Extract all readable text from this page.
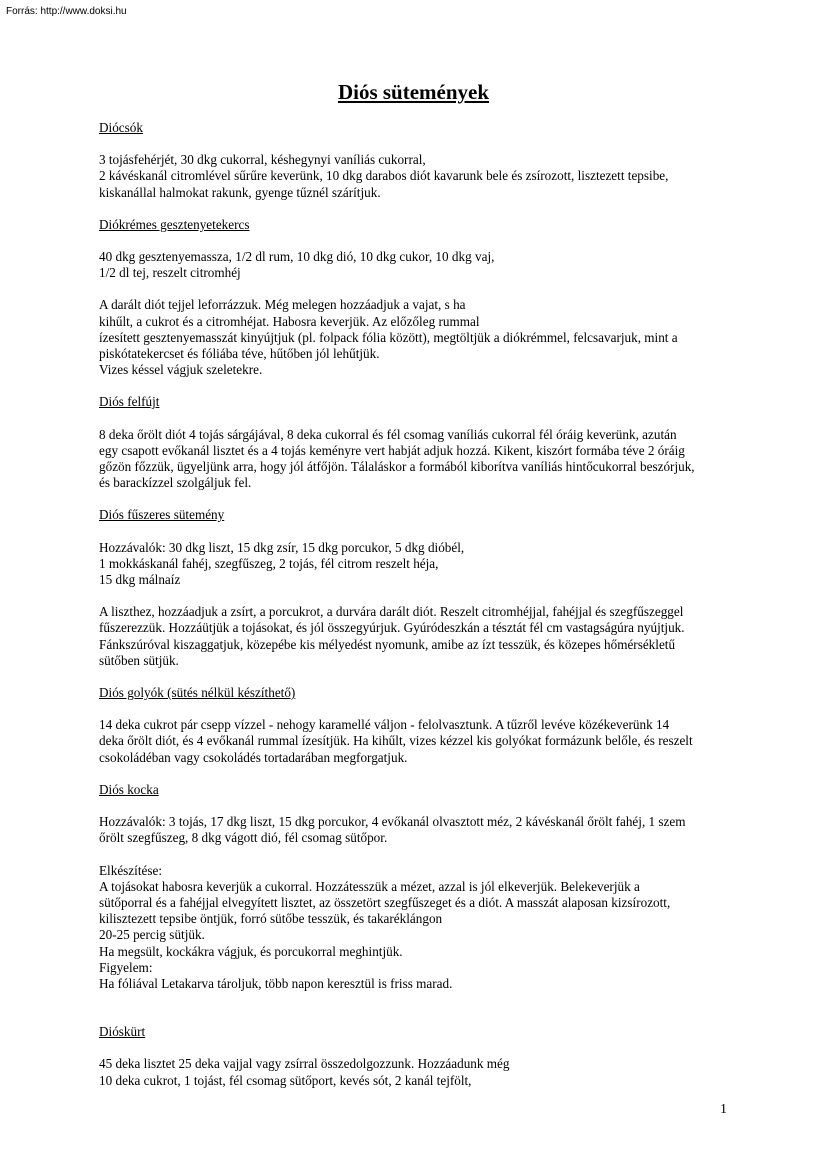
Forrás: http://www.doksi.hu
Diós sütemények

Diócsók

3 tojásfehérjét, 30 dkg cukorral, késhegynyi vaníliás cukorral,

2 kávéskanál citromlével sűrűre keverünk, 10 dkg darabos diót kavarunk bele és zsírozott, lisztezett tepsibe,

kiskanállal halmokat rakunk, gyenge tűznél szárítjuk.

Diókrémes gesztenyetekercs

40 dkg gesztenyemassza, 1/2 dl rum, 10 dkg dió, 10 dkg cukor, 10 dkg vaj,

1/2 dl tej, reszelt citromhéj

A darált diót tejjel leforrázzuk. Még melegen hozzáadjuk a vajat, s ha

kihűlt, a cukrot és a citromhéjat. Habosra keverjük. Az előzőleg rummal

ízesített gesztenyemasszát kinyújtjuk (pl. folpack fólia között), megtöltjük a diókrémmel, felcsavarjuk, mint a

piskótatekercset és fóliába téve, hűtőben jól lehűtjük.

Vizes késsel vágjuk szeletekre.

Diós felfújt

8 deka őrölt diót 4 tojás sárgájával, 8 deka cukorral és fél csomag vaníliás cukorral fél óráig keverünk, azután

egy csapott evőkanál lisztet és a 4 tojás keményre vert habját adjuk hozzá. Kikent, kiszórt formába téve 2 óráig

gőzön főzzük, ügyeljünk arra, hogy jól átfőjön. Tálaláskor a formából kiborítva vaníliás hintőcukorral beszórjuk,

és barackízzel szolgáljuk fel.

Diós fűszeres sütemény

Hozzávalók: 30 dkg liszt, 15 dkg zsír, 15 dkg porcukor, 5 dkg dióbél,

1 mokkáskanál fahéj, szegfűszeg, 2 tojás, fél citrom reszelt héja,

15 dkg málnaíz

A liszthez, hozzáadjuk a zsírt, a porcukrot, a durvára darált diót. Reszelt citromhéjjal, fahéjjal és szegfűszeggel

fűszerezzük. Hozzáütjük a tojásokat, és jól összegyúrjuk. Gyúródeszkán a tésztát fél cm vastagságúra nyújtjuk.

Fánkszúróval kiszaggatjuk, közepébe kis mélyedést nyomunk, amibe az ízt tesszük, és közepes hőmérsékletű

sütőben sütjük.

Diós golyók (sütés nélkül készíthető)

14 deka cukrot pár csepp vízzel - nehogy karamellé váljon - felolvasztunk. A tűzről levéve közékeverünk 14

deka őrölt diót, és 4 evőkanál rummal ízesítjük. Ha kihűlt, vizes kézzel kis golyókat formázunk belőle, és reszelt

csokoládéban vagy csokoládés tortadarában megforgatjuk.

Diós kocka

Hozzávalók: 3 tojás, 17 dkg liszt, 15 dkg porcukor, 4 evőkanál olvasztott méz, 2 kávéskanál őrölt fahéj, 1 szem

őrölt szegfűszeg, 8 dkg vágott dió, fél csomag sütőpor.

Elkészítése:

A tojásokat habosra keverjük a cukorral. Hozzátesszük a mézet, azzal is jól elkeverjük. Belekeverjük a

sütőporral és a fahéjjal elvegyített lisztet, az összetört szegfűszeget és a diót. A masszát alaposan kizsírozott,

kilisztezett tepsibe öntjük, forró sütőbe tesszük, és takaréklángon

20-25 percig sütjük.

Ha megsült, kockákra vágjuk, és porcukorral meghintjük.

Figyelem:

Ha fóliával Letakarva tároljuk, több napon keresztül is friss marad.

Dióskürt

45 deka lisztet 25 deka vajjal vagy zsírral összedolgozzunk. Hozzáadunk még

10 deka cukrot, 1 tojást, fél csomag sütőport, kevés sót, 2 kanál tejfölt,

1
